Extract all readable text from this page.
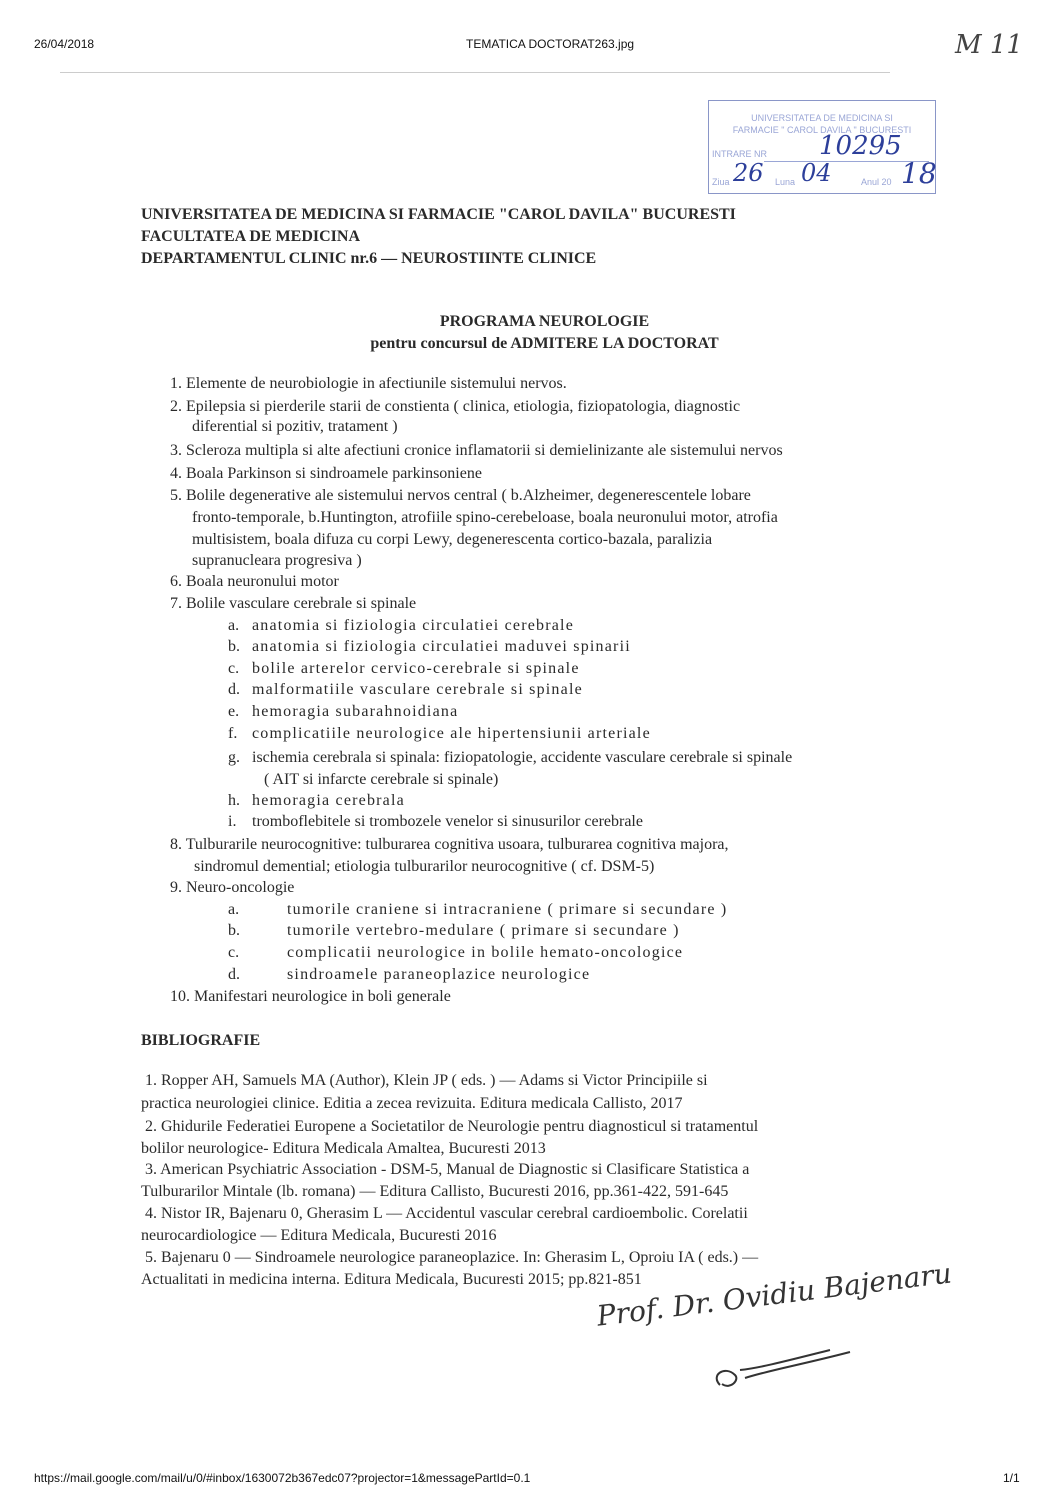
26/04/2018	TEMATICA DOCTORAT263.jpg	M 11
UNIVERSITATEA DE MEDICINA SI
FARMACIE " CAROL DAVILA " BUCURESTI
INTRARE NR 10295
Ziua 26 Luna 04	Anul 20 18
UNIVERSITATEA DE MEDICINA SI FARMACIE "CAROL DAVILA" BUCURESTI
FACULTATEA DE MEDICINA
DEPARTAMENTUL CLINIC nr.6 — NEUROSTIINTE CLINICE
PROGRAMA NEUROLOGIE
pentru concursul de ADMITERE LA DOCTORAT
1. Elemente de neurobiologie in afectiunile sistemului nervos.
2. Epilepsia si pierderile starii de constienta ( clinica, etiologia, fiziopatologia, diagnostic
diferential si pozitiv, tratament )
3. Scleroza multipla si alte afectiuni cronice inflamatorii si demielinizante ale sistemului nervos
4. Boala Parkinson si sindroamele parkinsoniene
5. Bolile degenerative ale sistemului nervos central ( b.Alzheimer, degenerescentele lobare
fronto-temporale, b.Huntington, atrofiile spino-cerebeloase, boala neuronului motor, atrofia
multisistem, boala difuza cu corpi Lewy, degenerescenta cortico-bazala, paralizia
supranucleara progresiva )
6. Boala neuronului motor
7. Bolile vasculare cerebrale si spinale
a. anatomia si fiziologia circulatiei cerebrale
b. anatomia si fiziologia circulatiei maduvei spinarii
c. bolile arterelor cervico-cerebrale si spinale
d. malformatiile vasculare cerebrale si spinale
e. hemoragia subarahnoidiana
f. complicatiile neurologice ale hipertensiunii arteriale
g. ischemia cerebrala si spinala: fiziopatologie, accidente vasculare cerebrale si spinale
( AIT si infarcte cerebrale si spinale)
h. hemoragia cerebrala
i. tromboflebitele si trombozele venelor si sinusurilor cerebrale
8. Tulburarile neurocognitive: tulburarea cognitiva usoara, tulburarea cognitiva majora,
sindromul demential; etiologia tulburarilor neurocognitive ( cf. DSM-5)
9. Neuro-oncologie
a.	tumorile craniene si intracraniene ( primare si secundare )
b.	tumorile vertebro-medulare ( primare si secundare )
c.	complicatii neurologice in bolile hemato-oncologice
d.	sindroamele paraneoplazice neurologice
10. Manifestari neurologice in boli generale
BIBLIOGRAFIE
1. Ropper AH, Samuels MA (Author), Klein JP ( eds. ) — Adams si Victor Principiile si
practica neurologiei clinice. Editia a zecea revizuita. Editura medicala Callisto, 2017
2. Ghidurile Federatiei Europene a Societatilor de Neurologie pentru diagnosticul si tratamentul
bolilor neurologice- Editura Medicala Amaltea, Bucuresti 2013
3. American Psychiatric Association - DSM-5, Manual de Diagnostic si Clasificare Statistica a
Tulburarilor Mintale (lb. romana) — Editura Callisto, Bucuresti 2016, pp.361-422, 591-645
4. Nistor IR, Bajenaru 0, Gherasim L — Accidentul vascular cerebral cardioembolic. Corelatii
neurocardiologice — Editura Medicala, Bucuresti 2016
5. Bajenaru 0 — Sindroamele neurologice paraneoplazice. In: Gherasim L, Oproiu IA ( eds.) —
Actualitati in medicina interna. Editura Medicala, Bucuresti 2015; pp.821-851
Prof. Dr. Ovidiu Bajenaru
https://mail.google.com/mail/u/0/#inbox/1630072b367edc07?projector=1&messagePartId=0.1	1/1
